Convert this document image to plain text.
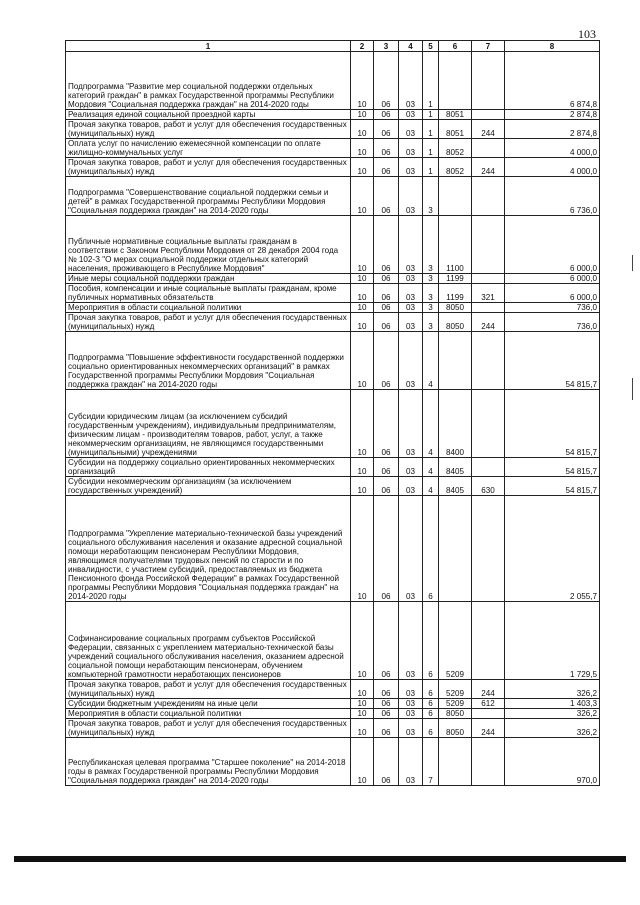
103
1	2	3	4	5	6	7	8
Подпрограмма "Развитие мер социальной поддержки отдельных категорий граждан" в рамках Государственной программы Республики Мордовия "Социальная поддержка граждан" на 2014-2020 годы	10	06	03	1			6 874,8
Реализация единой социальной проездной карты	10	06	03	1	8051		2 874,8
Прочая закупка товаров, работ и услуг для обеспечения государственных (муниципальных) нужд	10	06	03	1	8051	244	2 874,8
Оплата услуг по начислению ежемесячной компенсации по оплате жилищно-коммунальных услуг	10	06	03	1	8052		4 000,0
Прочая закупка товаров, работ и услуг для обеспечения государственных (муниципальных) нужд	10	06	03	1	8052	244	4 000,0
Подпрограмма "Совершенствование социальной поддержки семьи и детей" в рамках Государственной программы Республики Мордовия "Социальная поддержка граждан" на 2014-2020 годы	10	06	03	3			6 736,0
Публичные нормативные социальные выплаты гражданам в соответствии с Законом Республики Мордовия от 28 декабря 2004 года № 102-З "О мерах социальной поддержки отдельных категорий населения, проживающего в Республике Мордовия"	10	06	03	3	1100		6 000,0
Иные меры социальной поддержки граждан	10	06	03	3	1199		6 000,0
Пособия, компенсации и иные социальные выплаты гражданам, кроме публичных нормативных обязательств	10	06	03	3	1199	321	6 000,0
Мероприятия в области социальной политики	10	06	03	3	8050		736,0
Прочая закупка товаров, работ и услуг для обеспечения государственных (муниципальных) нужд	10	06	03	3	8050	244	736,0
Подпрограмма "Повышение эффективности государственной поддержки социально ориентированных некоммерческих организаций" в рамках Государственной программы Республики Мордовия "Социальная поддержка граждан" на 2014-2020 годы	10	06	03	4			54 815,7
Субсидии юридическим лицам (за исключением субсидий государственным учреждениям), индивидуальным предпринимателям, физическим лицам - производителям товаров, работ, услуг, а также некоммерческим организациям, не являющимся государственными (муниципальными) учреждениями	10	06	03	4	8400		54 815,7
Субсидии на поддержку социально ориентированных некоммерческих организаций	10	06	03	4	8405		54 815,7
Субсидии некоммерческим организациям (за исключением государственных учреждений)	10	06	03	4	8405	630	54 815,7
Подпрограмма "Укрепление материально-технической базы учреждений социального обслуживания населения и оказание адресной социальной помощи неработающим пенсионерам Республики Мордовия, являющимся получателями трудовых пенсий по старости и по инвалидности, с участием субсидий, предоставляемых из бюджета Пенсионного фонда Российской Федерации" в рамках Государственной программы Республики Мордовия "Социальная поддержка граждан" на 2014-2020 годы	10	06	03	6			2 055,7
Софинансирование социальных программ субъектов Российской Федерации, связанных с укреплением материально-технической базы учреждений социального обслуживания населения, оказанием адресной социальной помощи неработающим пенсионерам, обучением компьютерной грамотности неработающих пенсионеров	10	06	03	6	5209		1 729,5
Прочая закупка товаров, работ и услуг для обеспечения государственных (муниципальных) нужд	10	06	03	6	5209	244	326,2
Субсидии бюджетным учреждениям на иные цели	10	06	03	6	5209	612	1 403,3
Мероприятия в области социальной политики	10	06	03	6	8050		326,2
Прочая закупка товаров, работ и услуг для обеспечения государственных (муниципальных) нужд	10	06	03	6	8050	244	326,2
Республиканская целевая программа "Старшее поколение" на 2014-2018 годы в рамках Государственной программы Республики Мордовия "Социальная поддержка граждан" на 2014-2020 годы	10	06	03	7			970,0
